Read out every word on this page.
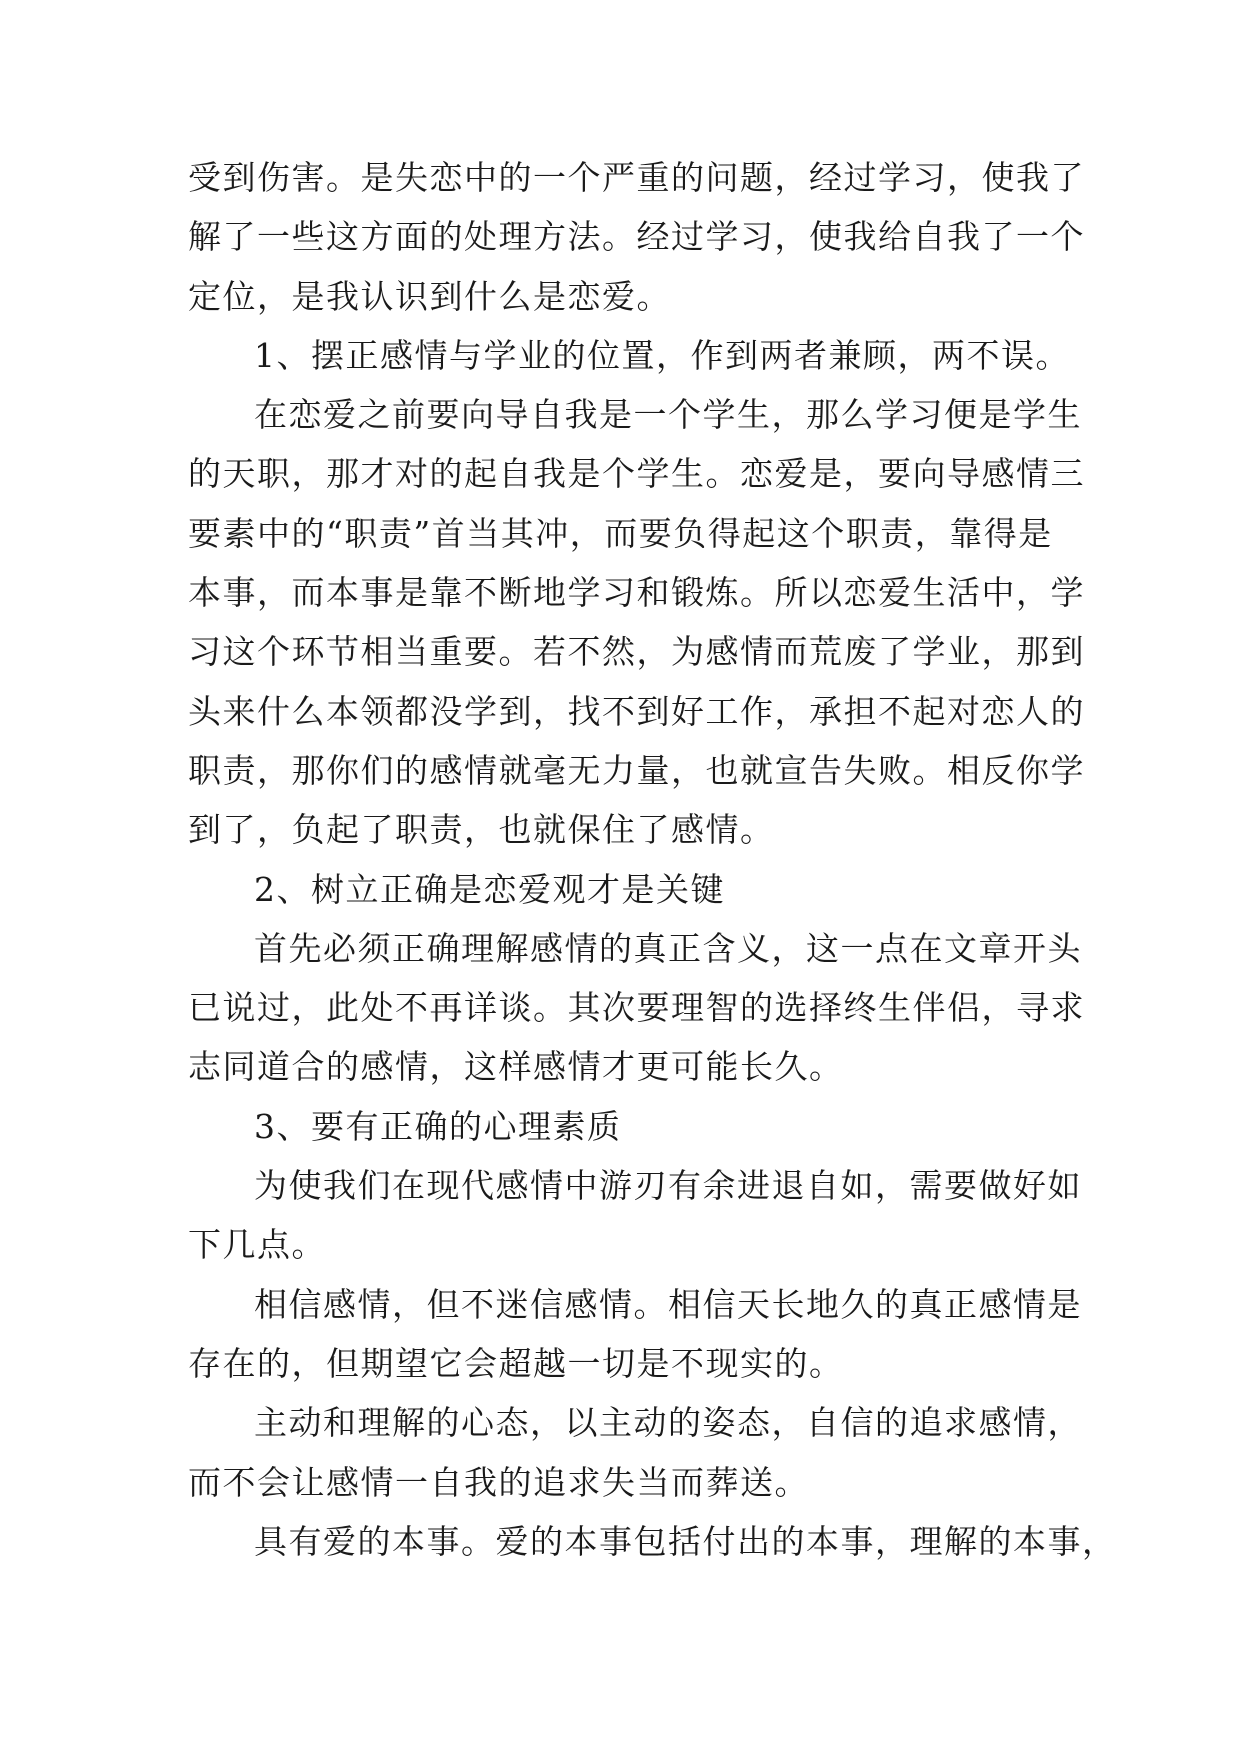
受到伤害。是失恋中的一个严重的问题，经过学习，使我了
解了一些这方面的处理方法。经过学习，使我给自我了一个
定位，是我认识到什么是恋爱。
1、摆正感情与学业的位置，作到两者兼顾，两不误。
在恋爱之前要向导自我是一个学生，那么学习便是学生
的天职，那才对的起自我是个学生。恋爱是，要向导感情三
要素中的“职责”首当其冲，而要负得起这个职责，靠得是
本事，而本事是靠不断地学习和锻炼。所以恋爱生活中，学
习这个环节相当重要。若不然，为感情而荒废了学业，那到
头来什么本领都没学到，找不到好工作，承担不起对恋人的
职责，那你们的感情就毫无力量，也就宣告失败。相反你学
到了，负起了职责，也就保住了感情。
2、树立正确是恋爱观才是关键
首先必须正确理解感情的真正含义，这一点在文章开头
已说过，此处不再详谈。其次要理智的选择终生伴侣，寻求
志同道合的感情，这样感情才更可能长久。
3、要有正确的心理素质
为使我们在现代感情中游刃有余进退自如，需要做好如
下几点。
相信感情，但不迷信感情。相信天长地久的真正感情是
存在的，但期望它会超越一切是不现实的。
主动和理解的心态，以主动的姿态，自信的追求感情，
而不会让感情一自我的追求失当而葬送。
具有爱的本事。爱的本事包括付出的本事，理解的本事，
